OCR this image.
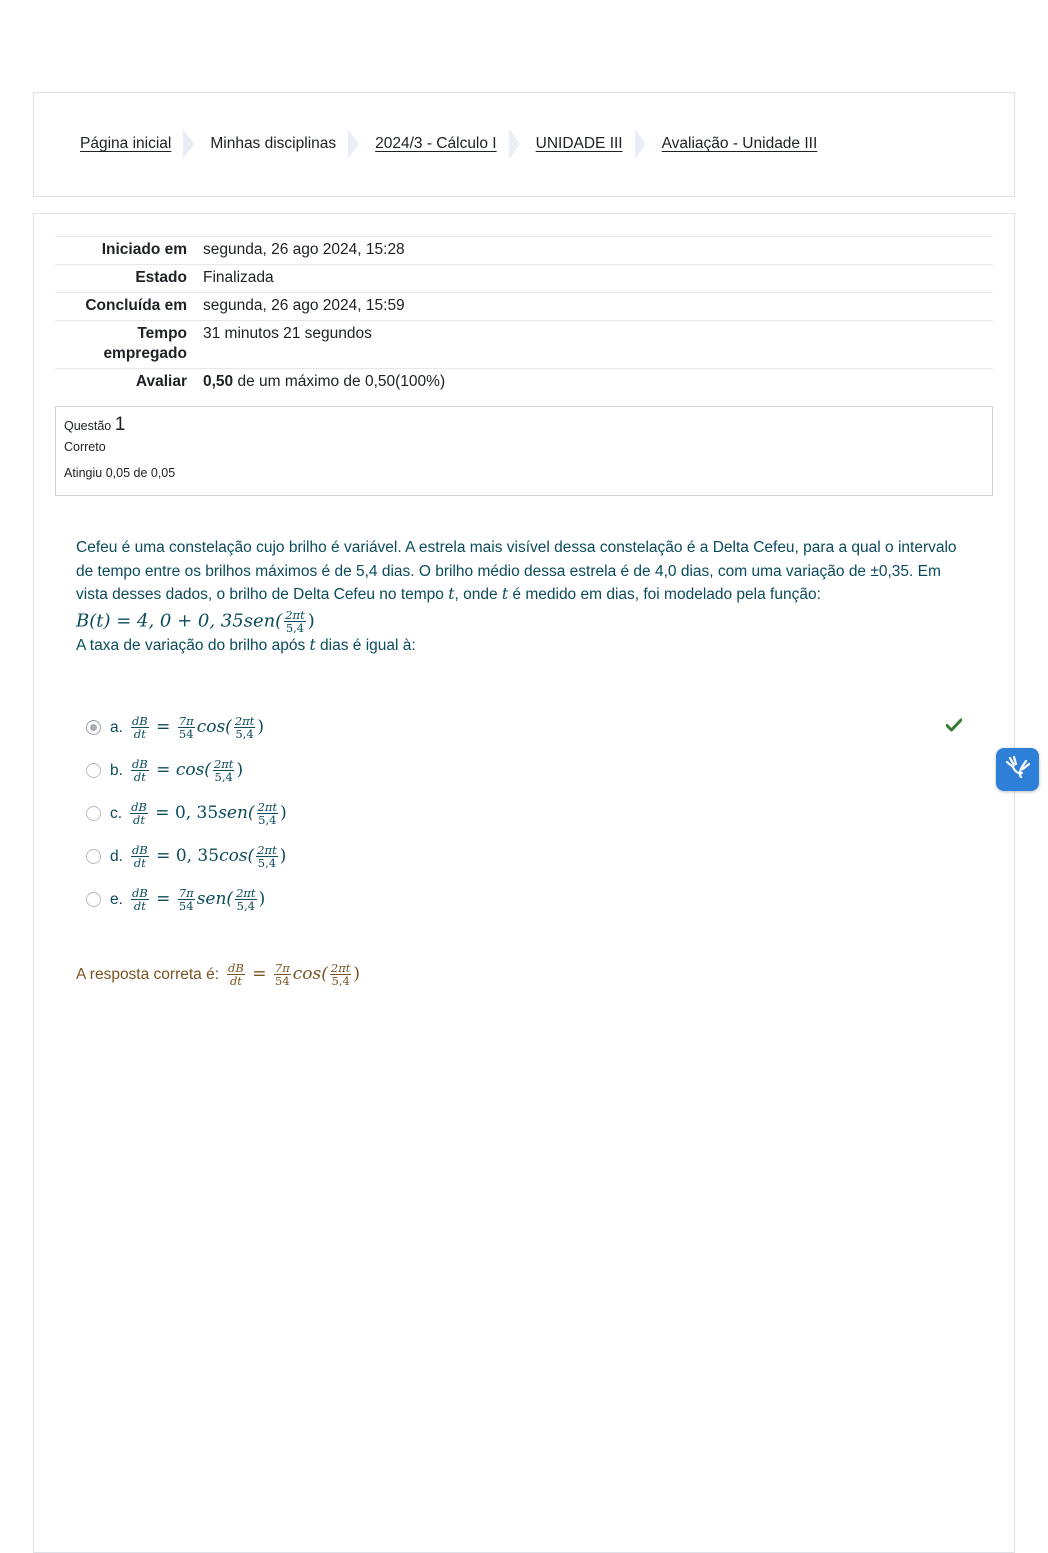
Página inicial	Minhas disciplinas	2024/3 - Cálculo I	UNIDADE III	Avaliação - Unidade III
Iniciado em	segunda, 26 ago 2024, 15:28
Estado	Finalizada
Concluída em	segunda, 26 ago 2024, 15:59
Tempo empregado	31 minutos 21 segundos
Avaliar	0,50 de um máximo de 0,50(100%)
Questão 1
Correto
Atingiu 0,05 de 0,05
Cefeu é uma constelação cujo brilho é variável. A estrela mais visível dessa constelação é a Delta Cefeu, para a qual o intervalo de tempo entre os brilhos máximos é de 5,4 dias. O brilho médio dessa estrela é de 4,0 dias, com uma variação de ±0,35. Em vista desses dados, o brilho de Delta Cefeu no tempo t, onde t é medido em dias, foi modelado pela função:
B(t) = 4, 0 + 0, $35sen( \frac{2\pi t}{5,4}$ )
A taxa de variação do brilho após t dias é igual à:
a. $\frac{dB}{dt} = \frac{7\pi}{54} \cos( \frac{2\pi t}{5,4}$ )
b. $\frac{dB}{dt} = \cos( \frac{2\pi t}{5,4}$ )
c. $\frac{dB}{dt} = 0$, $35sen( \frac{2\pi t}{5,4}$ )
d. $\frac{dB}{dt} = 0$, $35\cos( \frac{2\pi t}{5,4}$ )
e. $\frac{dB}{dt} = \frac{7\pi}{54} sen( \frac{2\pi t}{5,4}$ )
A resposta correta é: $\frac{dB}{dt} = \frac{7\pi}{54} \cos( \frac{2\pi t}{5,4}$ )
